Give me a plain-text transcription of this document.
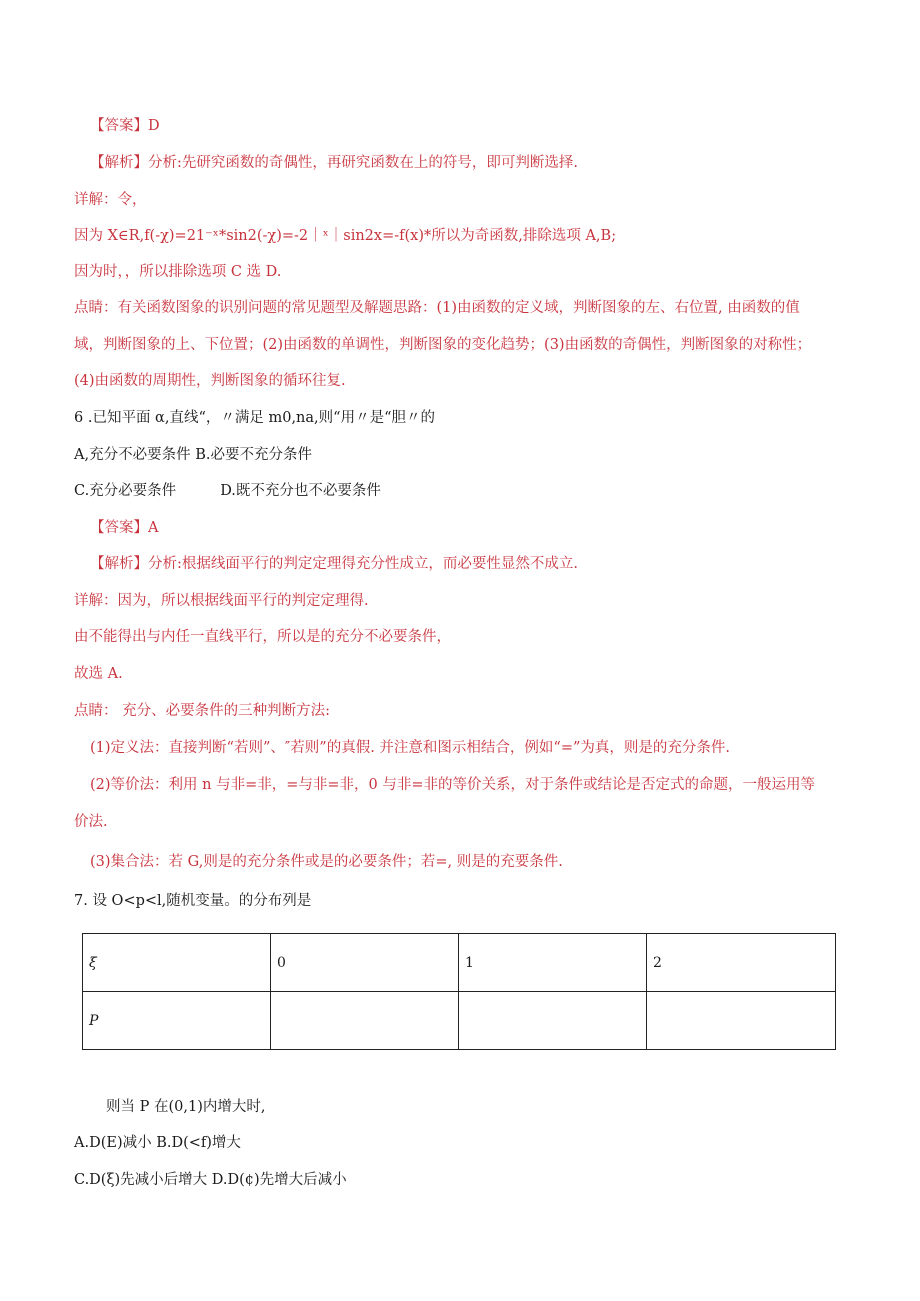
【答案】D
【解析】分析:先研究函数的奇偶性，再研究函数在上的符号，即可判断选择.
详解：令，
因为 X∈R,f(-χ)=21⁻ˣ*sin2(-χ)=-2｜ˣ｜sin2x=-f(x)*所以为奇函数,排除选项 A,B;
因为时，，所以排除选项 C 选 D.
点睛：有关函数图象的识别问题的常见题型及解题思路：(1)由函数的定义域，判断图象的左、右位置, 由函数的值
域，判断图象的上、下位置；(2)由函数的单调性，判断图象的变化趋势；(3)由函数的奇偶性，判断图象的对称性；
(4)由函数的周期性，判断图象的循环往复.
6 .已知平面 α,直线“，〃满足 m0,na,则“用〃是“胆〃的
A,充分不必要条件 B.必要不充分条件
C.充分必要条件	D.既不充分也不必要条件
【答案】A
【解析】分析:根据线面平行的判定定理得充分性成立，而必要性显然不成立.
详解：因为，所以根据线面平行的判定定理得.
由不能得出与内任一直线平行，所以是的充分不必要条件，
故选 A.
点睛： 充分、必要条件的三种判断方法:
(1)定义法：直接判断“若则”、″若则”的真假. 并注意和图示相结合，例如“=”为真，则是的充分条件.
(2)等价法：利用 n 与非=非，=与非=非，0 与非=非的等价关系，对于条件或结论是否定式的命题，一般运用等
价法.
(3)集合法：若 G,则是的充分条件或是的必要条件；若=, 则是的充要条件.
7. 设 O<p<l,随机变量。的分布列是
ξ	0	1	2
P			
则当 P 在(0,1)内增大时,
A.D(E)减小 B.D(<f)增大
C.D(ξ)先减小后增大 D.D(¢)先增大后减小
